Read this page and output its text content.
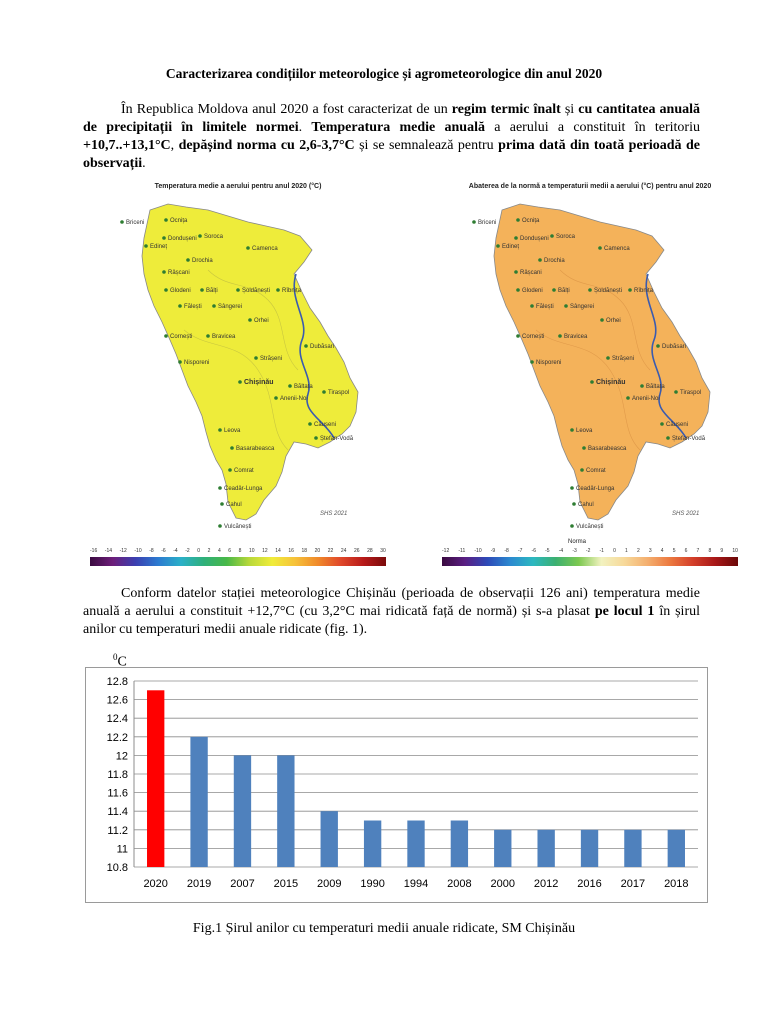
Caracterizarea condițiilor meteorologice și agrometeorologice din anul 2020

În Republica Moldova anul 2020 a fost caracterizat de un regim termic înalt și cu cantitatea anuală de precipitații în limitele normei. Temperatura medie anuală a aerului a constituit în teritoriu +10,7..+13,1°C, depășind norma cu 2,6-3,7°C și se semnalează pentru prima dată din toată perioadă de observații.

Ocnița
Briceni
Dondușeni Soroca
Edineț	Camenca
Drochia
Râșcani
Glodeni	Bălți	Șoldănești Rîbnița
Fălești	Sângerei
Orhei
Cornești	Bravicea
Dubăsari
Strășeni
Nisporeni
Chișinău
Băltața
Tiraspol
Anenii-Noi
Căușeni
Leova
Ștefan-Vodă
Basarabeasca
Comrat
Ceadâr-Lunga
Cahul
Vulcănești
SHS 2021
Temperatura medie a aerului pentru anul 2020 (°C)
-16 -14 -12 -10 -8 -6 -4 -2 0 2 4 6 8 10 12 14 16 18 20 22 24 26 28 30
Ocnița
Briceni
Dondușeni Soroca
Edineț	Camenca
Drochia
Râșcani
Glodeni	Bălți	Șoldănești Rîbnița
Fălești	Sângerei
Orhei
Cornești	Bravicea
Dubăsari
Strășeni
Nisporeni
Chișinău
Băltața
Tiraspol
Anenii-Noi
Căușeni
Leova
Ștefan-Vodă
Basarabeasca
Comrat
Ceadâr-Lunga
Cahul
Vulcănești
SHS 2021
Abaterea de la normă a temperaturii medii a aerului (°C) pentru anul 2020
Norma
-12 -11 -10 -9 -8 -7 -6 -5 -4 -3 -2 -1 0 1 2 3 4 5 6 7 8 9 10

Conform datelor stației meteorologice Chișinău (perioada de observații 126 ani) temperatura medie anuală a aerului a constituit +12,7°C (cu 3,2°C mai ridicată față de normă) și s-a plasat pe locul 1 în șirul anilor cu temperaturi medii anuale ridicate (fig. 1).

$^0$C
10.8
11
11.2
11.4
11.6
11.8
12
12.2
12.4
12.6
12.8
2020 2019 2007 2015 2009 1990 1994 2008 2000 2012 2016 2017 2018
Fig.1 Șirul anilor cu temperaturi medii anuale ridicate, SM Chișinău
